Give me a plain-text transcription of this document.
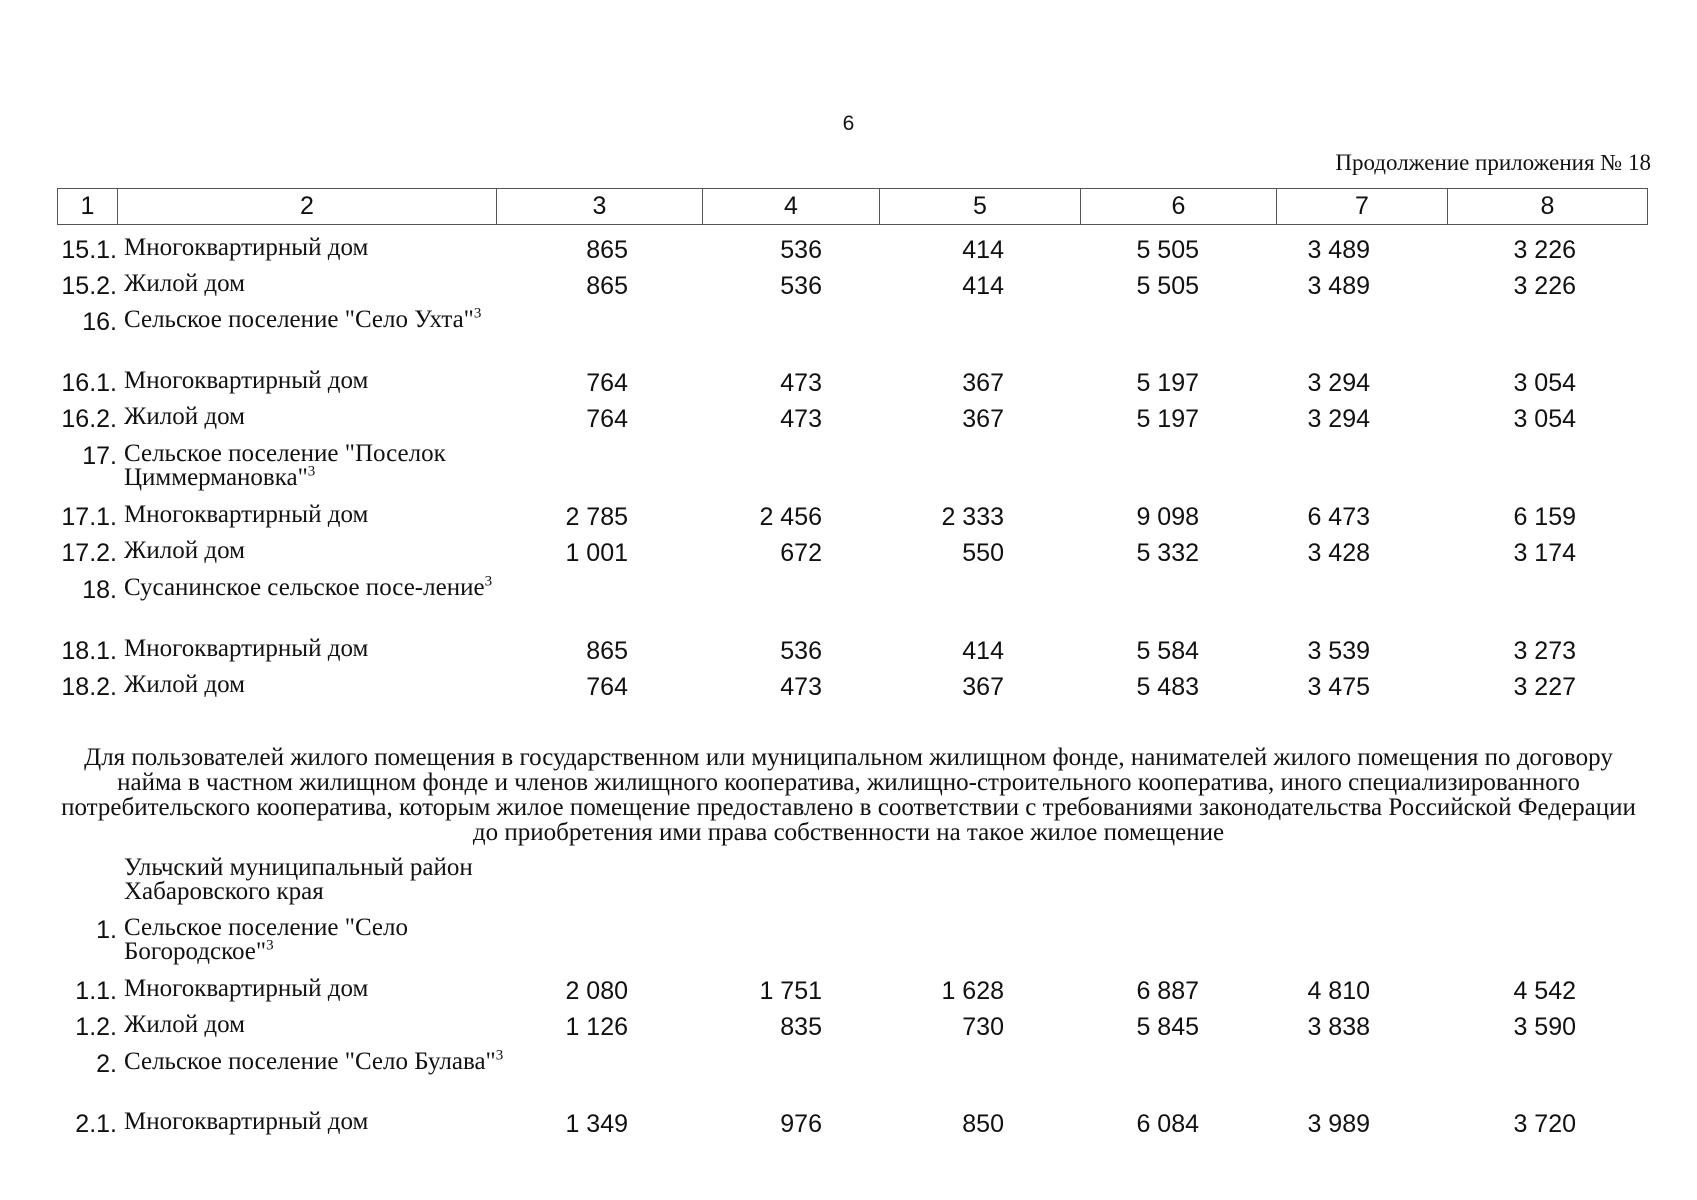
6
Продолжение приложения № 18
1	2	3	4	5	6	7	8
Для пользователей жилого помещения в государственном или муниципальном жилищном фонде, нанимателей жилого помещения по договору найма в частном жилищном фонде и членов жилищного кооператива, жилищно-строительного кооператива, иного специализированного потребительского кооператива, которым жилое помещение предоставлено в соответствии с требованиями законодательства Российской Федерации до приобретения ими права собственности на такое жилое помещение
15.1. Многоквартирный дом	865	536	414	5 505	3 489	3 226
15.2. Жилой дом	865	536	414	5 505	3 489	3 226
16. Сельское поселение "Село Ухта"$^3$
16.1. Многоквартирный дом	764	473	367	5 197	3 294	3 054
16.2. Жилой дом	764	473	367	5 197	3 294	3 054
17. Сельское поселение "Поселок Циммермановка"$^3$
17.1. Многоквартирный дом	2 785	2 456	2 333	9 098	6 473	6 159
17.2. Жилой дом	1 001	672	550	5 332	3 428	3 174
18. Сусанинское сельское посе-ление$^3$
18.1. Многоквартирный дом	865	536	414	5 584	3 539	3 273
18.2. Жилой дом	764	473	367	5 483	3 475	3 227
Ульчский муниципальный район Хабаровского края
1. Сельское поселение "Село Богородское"$^3$
1.1. Многоквартирный дом	2 080	1 751	1 628	6 887	4 810	4 542
1.2. Жилой дом	1 126	835	730	5 845	3 838	3 590
2. Сельское поселение "Село Булава"$^3$
2.1. Многоквартирный дом	1 349	976	850	6 084	3 989	3 720
